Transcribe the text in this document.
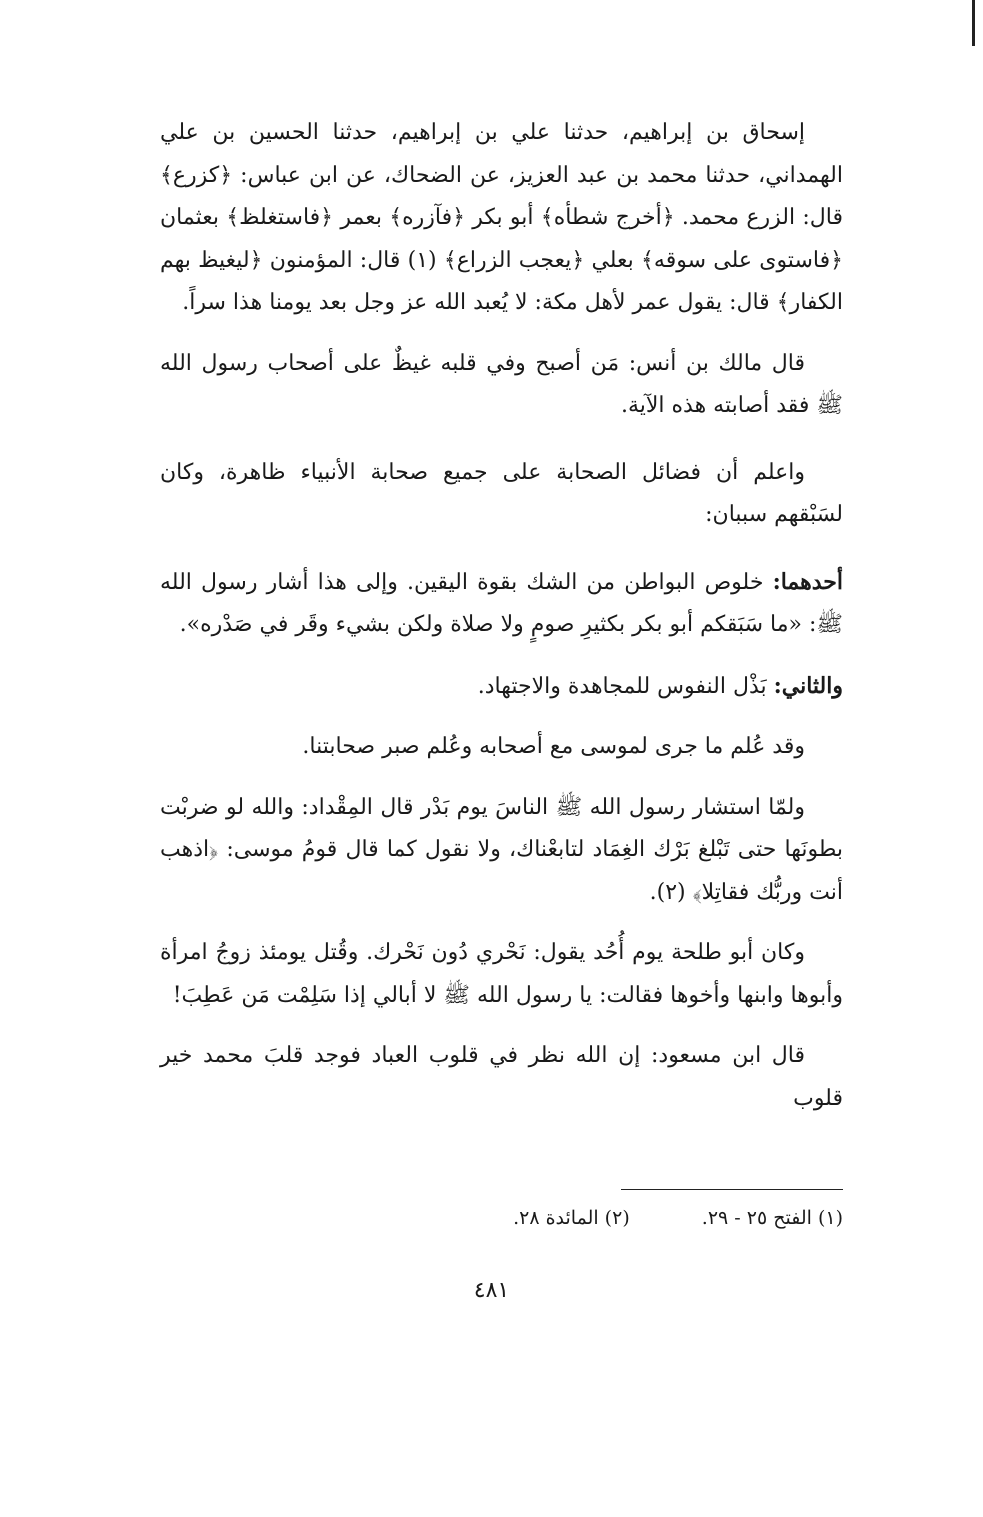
إسحاق بن إبراهيم، حدثنا علي بن إبراهيم، حدثنا الحسين بن علي الهمداني، حدثنا محمد بن عبد العزيز، عن الضحاك، عن ابن عباس: ﴿كزرع﴾ قال: الزرع محمد. ﴿أخرج شطأه﴾ أبو بكر ﴿فآزره﴾ بعمر ﴿فاستغلظ﴾ بعثمان ﴿فاستوى على سوقه﴾ بعلي ﴿يعجب الزراع﴾ (١) قال: المؤمنون ﴿ليغيظ بهم الكفار﴾ قال: يقول عمر لأهل مكة: لا يُعبد الله عز وجل بعد يومنا هذا سراً.

قال مالك بن أنس: مَن أصبح وفي قلبه غيظٌ على أصحاب رسول الله ﷺ فقد أصابته هذه الآية.

واعلم أن فضائل الصحابة على جميع صحابة الأنبياء ظاهرة، وكان لسَبْقهم سببان:

أحدهما: خلوص البواطن من الشك بقوة اليقين. وإلى هذا أشار رسول الله ﷺ: «ما سَبَقكم أبو بكر بكثيرِ صومٍ ولا صلاة ولكن بشيء وقَر في صَدْره».

والثاني: بَذْل النفوس للمجاهدة والاجتهاد.

وقد عُلم ما جرى لموسى مع أصحابه وعُلم صبر صحابتنا.

ولمّا استشار رسول الله ﷺ الناسَ يوم بَدْر قال المِقْداد: والله لو ضربْت بطونَها حتى تَبْلغ بَرْك الغِمَاد لتابعْناك، ولا نقول كما قال قومُ موسى: ﴿اذهب أنت وربُّك فقاتِلا﴾ (٢).

وكان أبو طلحة يوم أُحُد يقول: نَحْري دُون نَحْرك. وقُتل يومئذ زوجُ امرأة وأبوها وابنها وأخوها فقالت: يا رسول الله ﷺ لا أبالي إذا سَلِمْت مَن عَطِبَ!

قال ابن مسعود: إن الله نظر في قلوب العباد فوجد قلبَ محمد خير قلوب

(١) الفتح ٢٥ - ٢٩. (٢) المائدة ٢٨.
٤٨١
